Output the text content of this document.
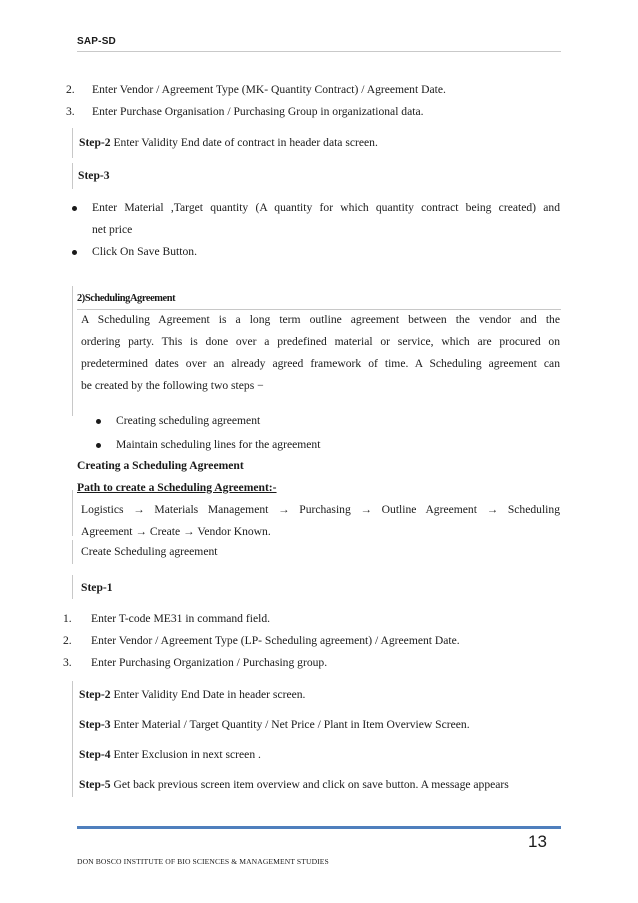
SAP-SD
2. Enter Vendor / Agreement Type (MK- Quantity Contract) / Agreement Date.
3. Enter Purchase Organisation / Purchasing Group in organizational data.
Step-2 Enter Validity End date of contract in header data screen.
Step-3
Enter Material ,Target quantity (A quantity for which quantity contract being created) and
net price
Click On Save Button.
2)SchedulingAgreement
A Scheduling Agreement is a long term outline agreement between the vendor and the
ordering party. This is done over a predefined material or service, which are procured on
predetermined dates over an already agreed framework of time. A Scheduling agreement can
be created by the following two steps −
Creating scheduling agreement
Maintain scheduling lines for the agreement
Creating a Scheduling Agreement
Path to create a Scheduling Agreement:-
Logistics → Materials Management → Purchasing → Outline Agreement → Scheduling
Agreement → Create → Vendor Known.
Create Scheduling agreement
Step-1
1. Enter T-code ME31 in command field.
2. Enter Vendor / Agreement Type (LP- Scheduling agreement) / Agreement Date.
3. Enter Purchasing Organization / Purchasing group.
Step-2 Enter Validity End Date in header screen.
Step-3 Enter Material / Target Quantity / Net Price / Plant in Item Overview Screen.
Step-4 Enter Exclusion in next screen .
Step-5 Get back previous screen item overview and click on save button. A message appears
13
DON BOSCO INSTITUTE OF BIO SCIENCES & MANAGEMENT STUDIES
